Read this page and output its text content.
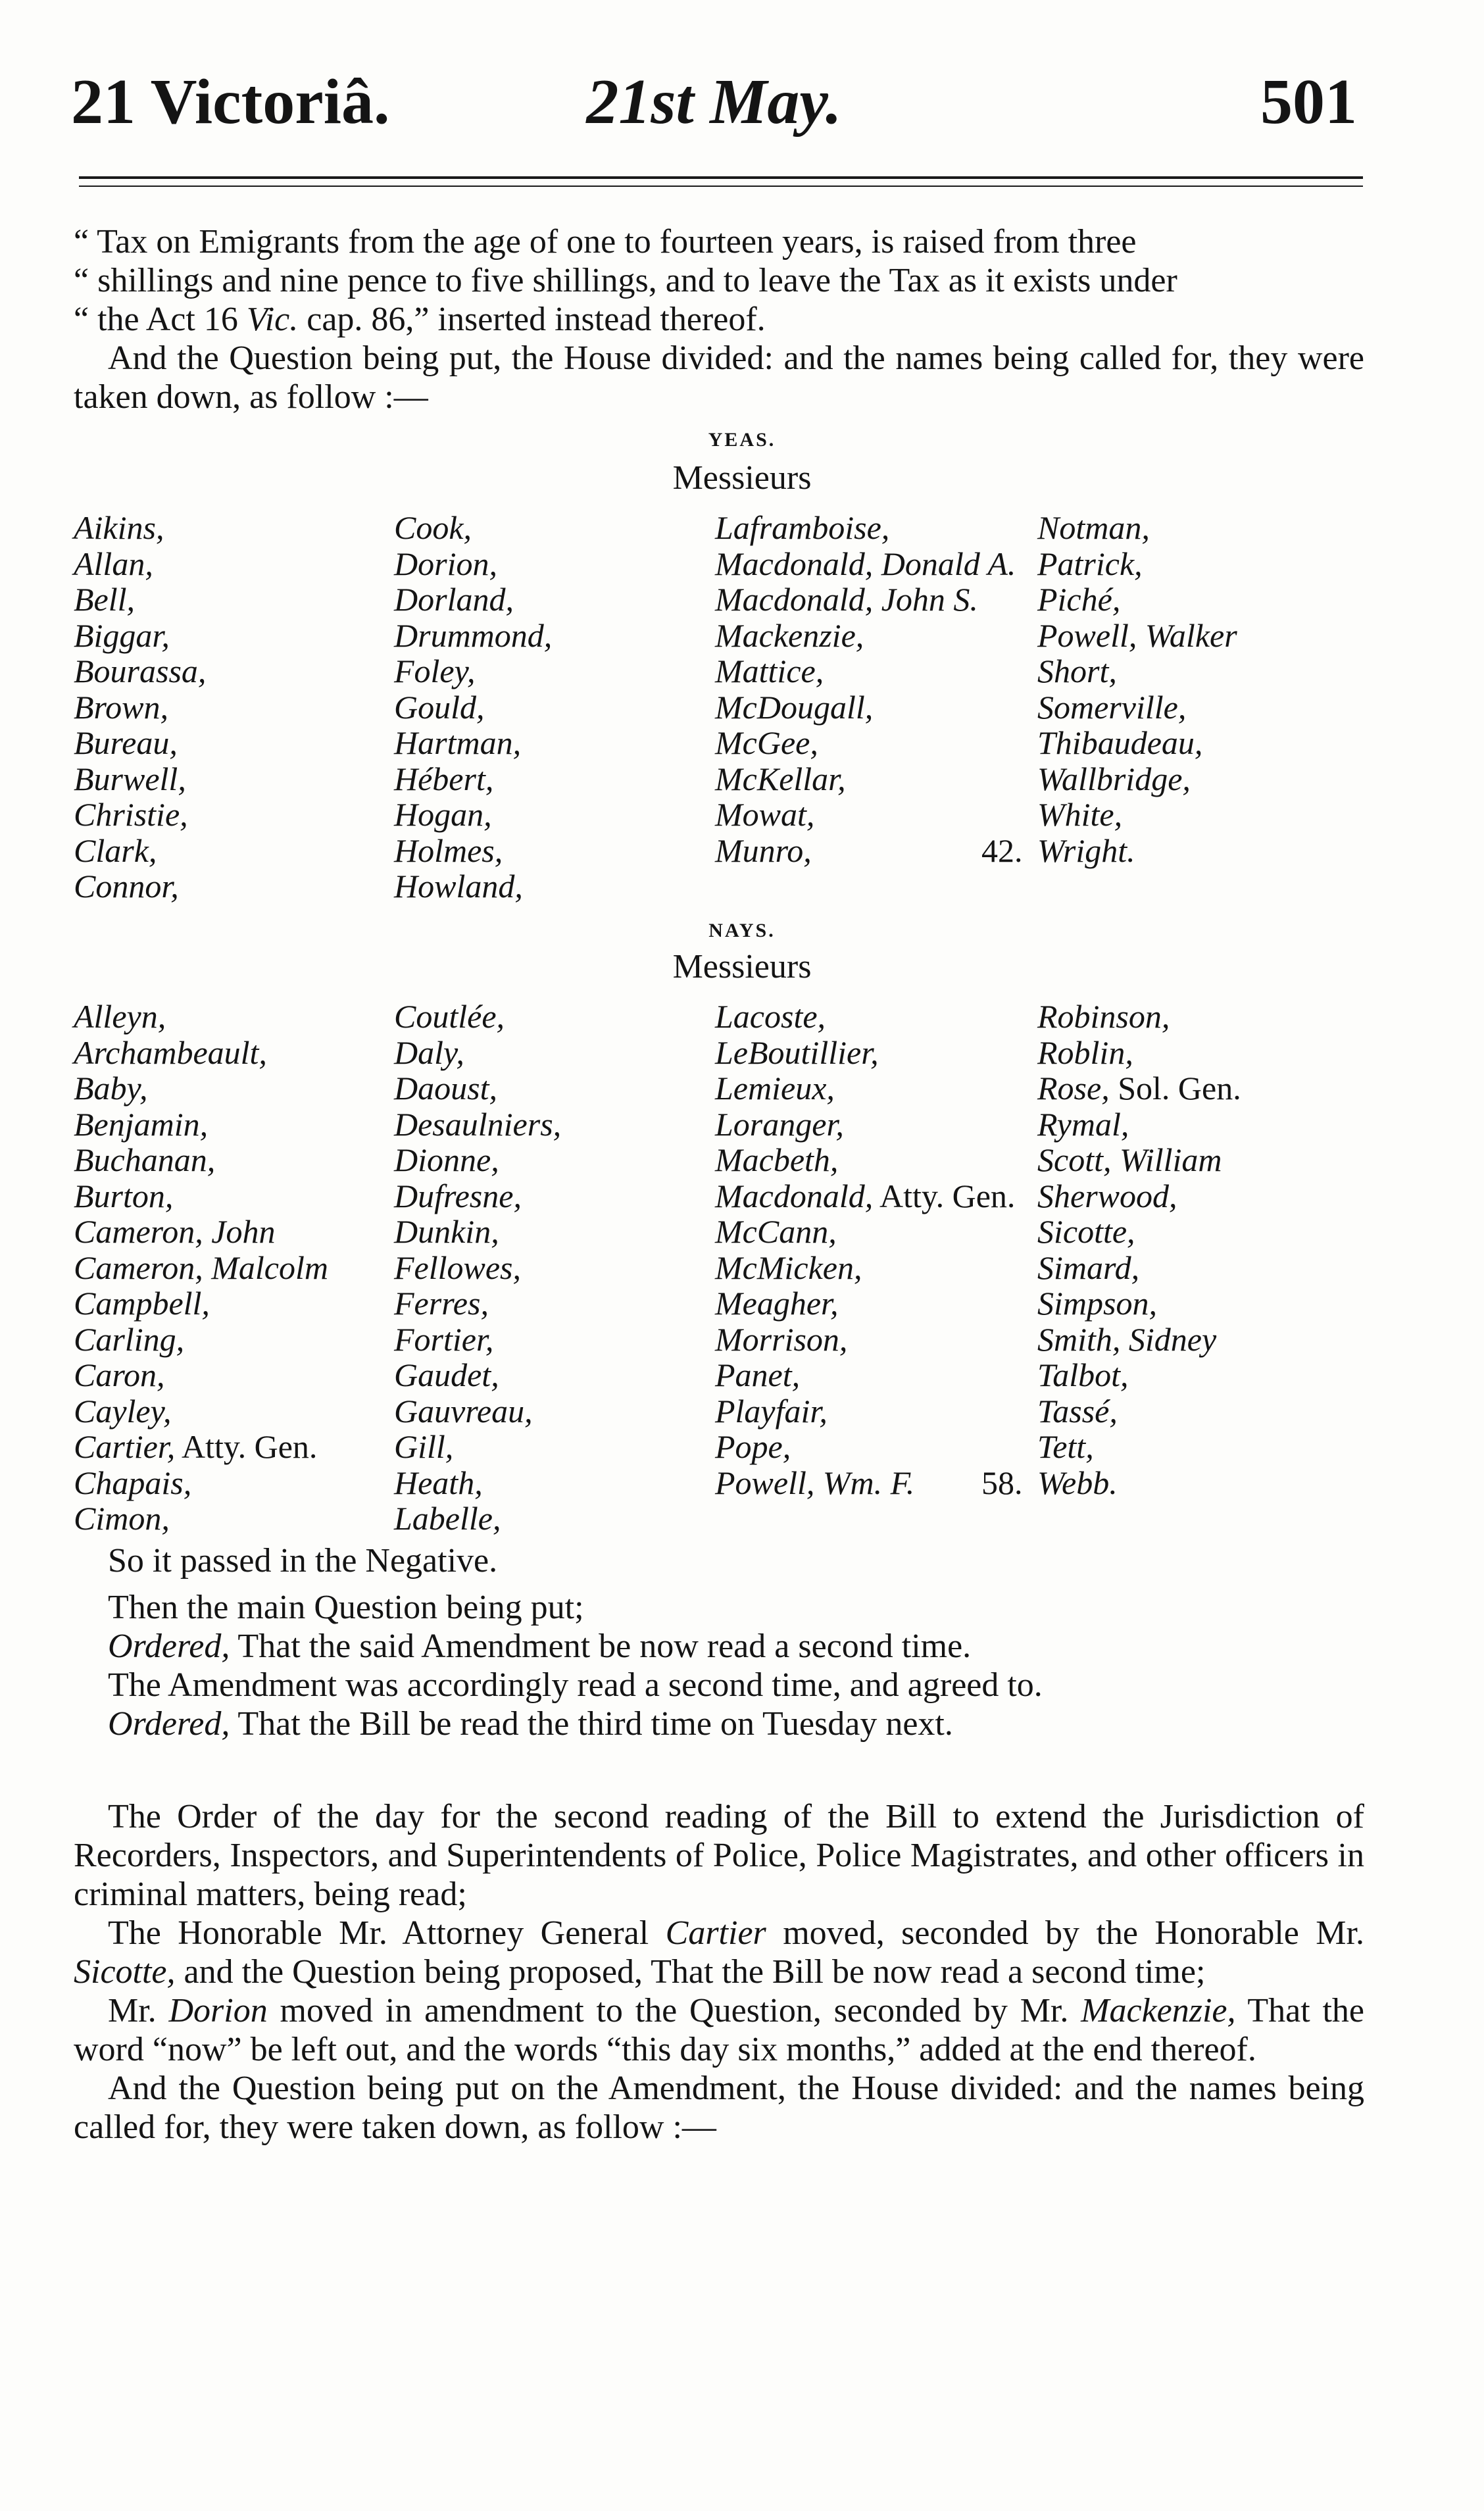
21 Victoriâ.	21st May.	501

“ Tax on Emigrants from the age of one to fourteen years, is raised from three

“ shillings and nine pence to five shillings, and to leave the Tax as it exists under

“ the Act 16 Vic. cap. 86,” inserted instead thereof.

And the Question being put, the House divided: and the names being called for, they were taken down, as follow :—

YEAS.
Messieurs
Aikins,
Allan,
Bell,
Biggar,
Bourassa,
Brown,
Bureau,
Burwell,
Christie,
Clark,
Connor,
Cook,
Dorion,
Dorland,
Drummond,
Foley,
Gould,
Hartman,
Hébert,
Hogan,
Holmes,
Howland,
Laframboise,
Macdonald, Donald A.
Macdonald, John S.
Mackenzie,
Mattice,
McDougall,
McGee,
McKellar,
Mowat,
Munro,
Notman,
Patrick,
Piché,
Powell, Walker
Short,
Somerville,
Thibaudeau,
Wallbridge,
White,
Wright.
42.
NAYS.
Messieurs
Alleyn,
Archambeault,
Baby,
Benjamin,
Buchanan,
Burton,
Cameron, John
Cameron, Malcolm
Campbell,
Carling,
Caron,
Cayley,
Cartier, Atty. Gen.
Chapais,
Cimon,
Coutlée,
Daly,
Daoust,
Desaulniers,
Dionne,
Dufresne,
Dunkin,
Fellowes,
Ferres,
Fortier,
Gaudet,
Gauvreau,
Gill,
Heath,
Labelle,
Lacoste,
LeBoutillier,
Lemieux,
Loranger,
Macbeth,
Macdonald, Atty. Gen.
McCann,
McMicken,
Meagher,
Morrison,
Panet,
Playfair,
Pope,
Powell, Wm. F.
Robinson,
Roblin,
Rose, Sol. Gen.
Rymal,
Scott, William
Sherwood,
Sicotte,
Simard,
Simpson,
Smith, Sidney
Talbot,
Tassé,
Tett,
Webb.
58.

So it passed in the Negative.

Then the main Question being put;

Ordered, That the said Amendment be now read a second time.

The Amendment was accordingly read a second time, and agreed to.

Ordered, That the Bill be read the third time on Tuesday next.

The Order of the day for the second reading of the Bill to extend the Jurisdiction of Recorders, Inspectors, and Superintendents of Police, Police Magistrates, and other officers in criminal matters, being read;

The Honorable Mr. Attorney General Cartier moved, seconded by the Honorable Mr. Sicotte, and the Question being proposed, That the Bill be now read a second time;

Mr. Dorion moved in amendment to the Question, seconded by Mr. Mackenzie, That the word “now” be left out, and the words “this day six months,” added at the end thereof.

And the Question being put on the Amendment, the House divided: and the names being called for, they were taken down, as follow :—
